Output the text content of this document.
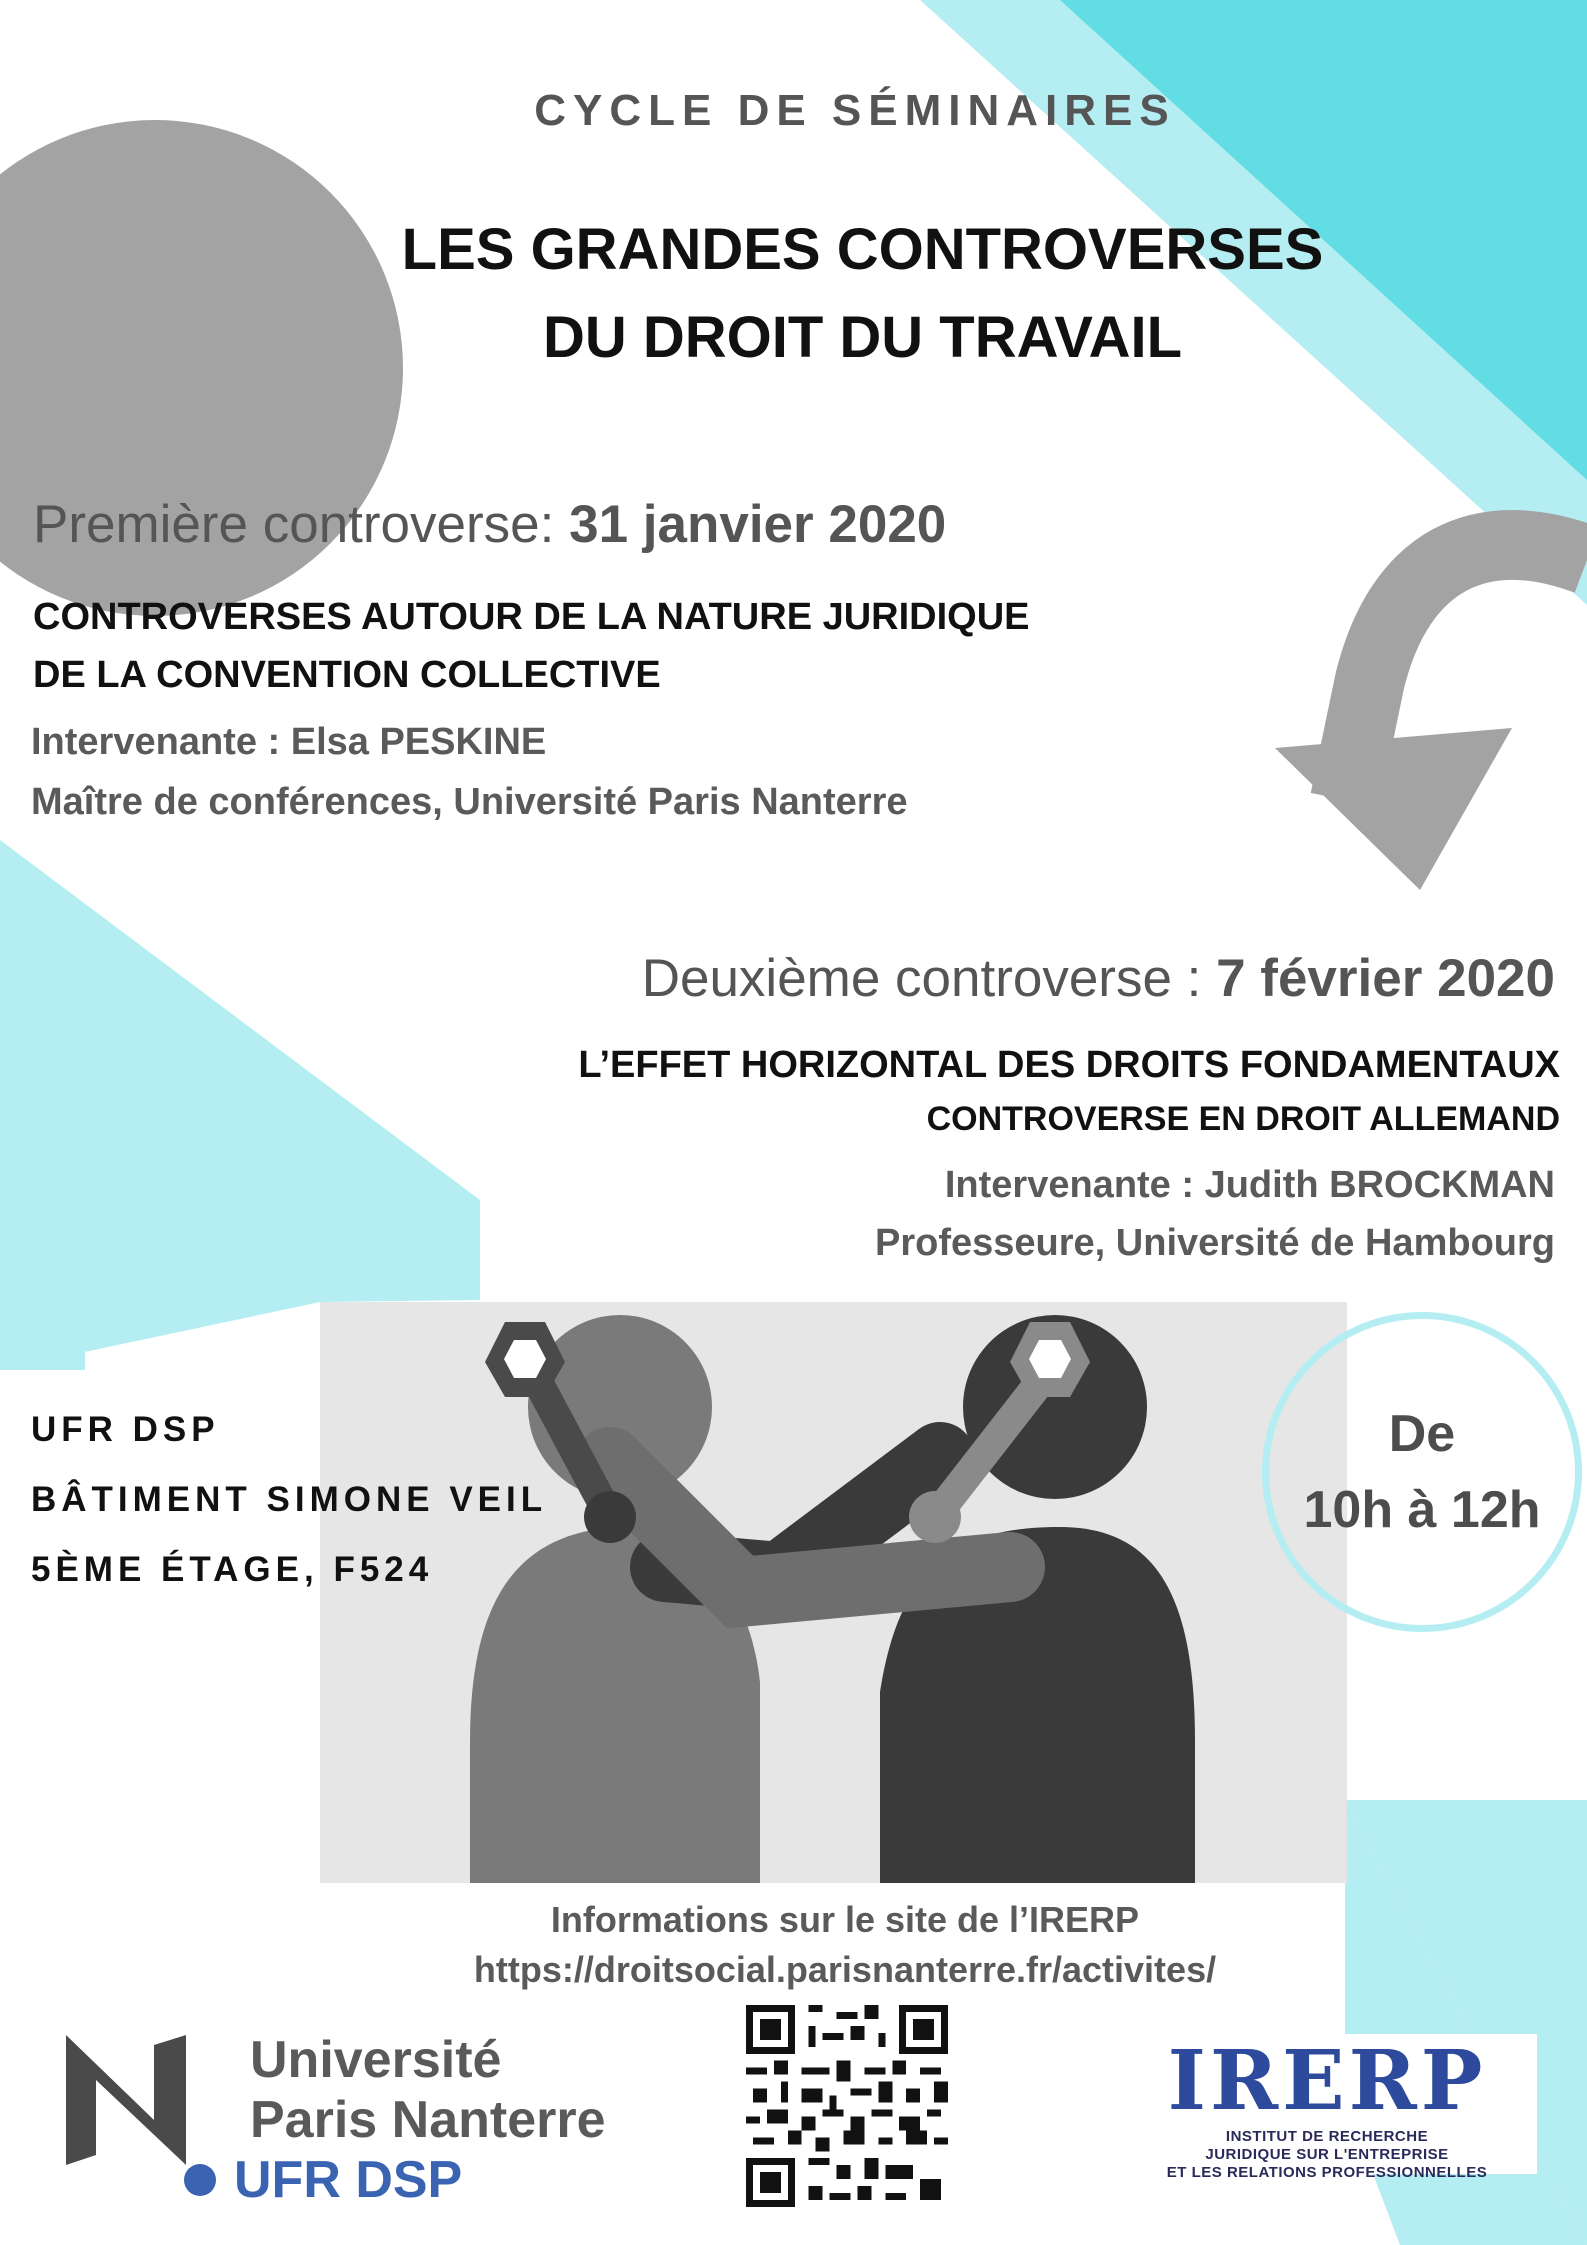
CYCLE DE SÉMINAIRES
LES GRANDES CONTROVERSES
DU DROIT DU TRAVAIL
Première controverse: 31 janvier 2020
CONTROVERSES AUTOUR DE LA NATURE JURIDIQUE
DE LA CONVENTION COLLECTIVE
Intervenante : Elsa PESKINE
Maître de conférences, Université Paris Nanterre
Deuxième controverse : 7 février 2020
L’EFFET HORIZONTAL DES DROITS FONDAMENTAUX
CONTROVERSE EN DROIT ALLEMAND
Intervenante : Judith BROCKMAN
Professeure, Université de Hambourg
UFR DSP
BÂTIMENT SIMONE VEIL
5ÈME ÉTAGE, F524
De
10h à 12h
Informations sur le site de l’IRERP
https://droitsocial.parisnanterre.fr/activites/
Université
Paris Nanterre
UFR DSP
IRERP
INSTITUT DE RECHERCHE
JURIDIQUE SUR L'ENTREPRISE
ET LES RELATIONS PROFESSIONNELLES
